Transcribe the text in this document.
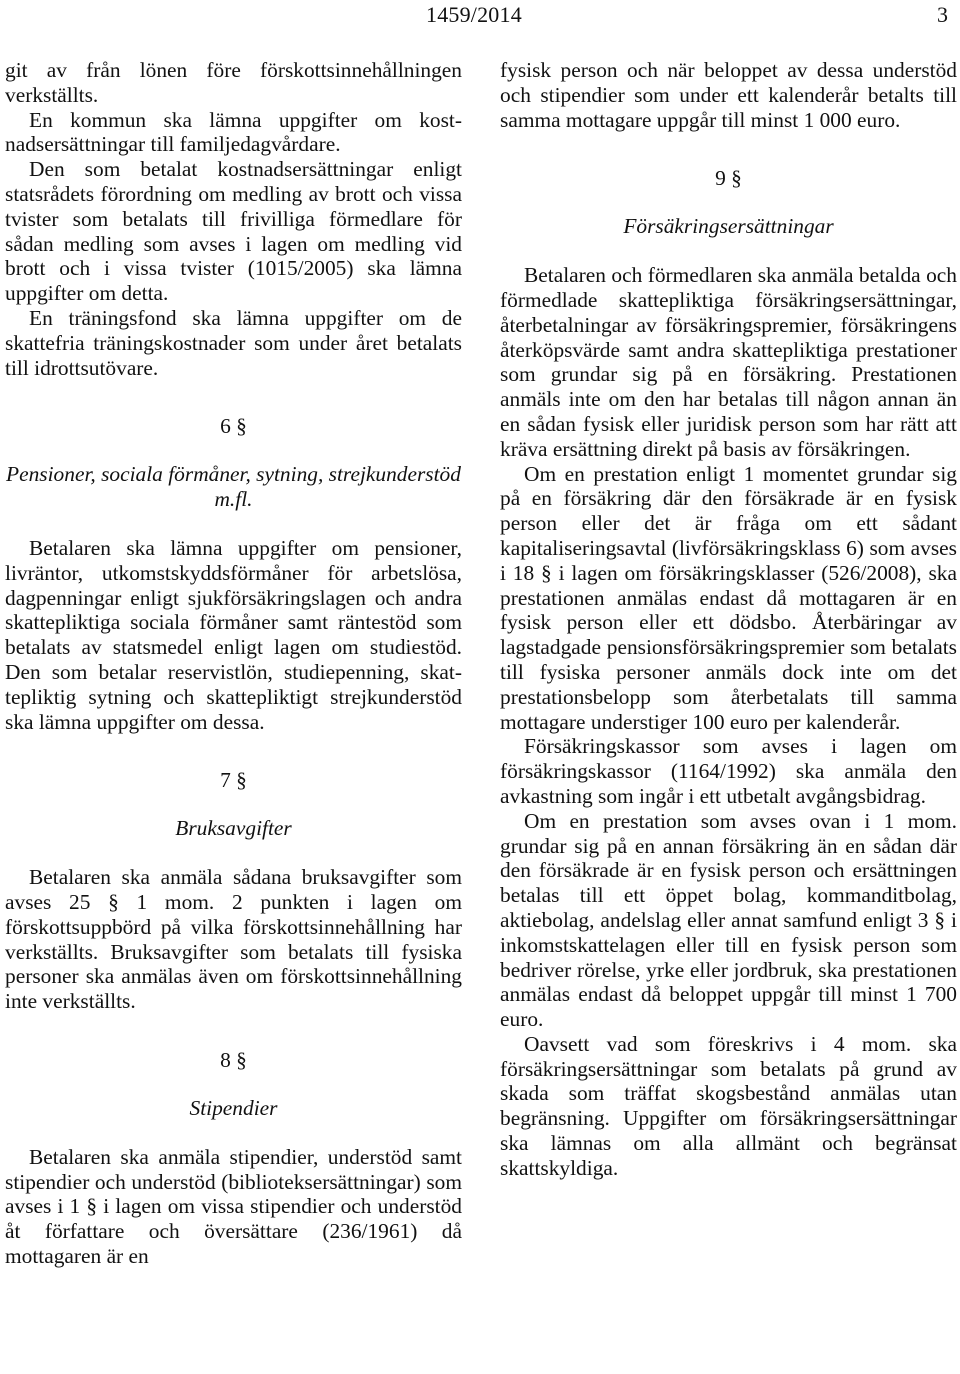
1459/2014	3

git av från lönen före förskottsinnehållningen verkställts.

En kommun ska lämna uppgifter om kostnadsersättningar till familjedagvårdare.

Den som betalat kostnadsersättningar enligt statsrådets förordning om medling av brott och vissa tvister som betalats till frivilliga förmedlare för sådan medling som avses i lagen om medling vid brott och i vissa tvister (1015/2005) ska lämna uppgifter om detta.

En träningsfond ska lämna uppgifter om de skattefria träningskostnader som under året betalats till idrottsutövare.

6 §
Pensioner, sociala förmåner, sytning, strejkunderstöd m.fl.

Betalaren ska lämna uppgifter om pensioner, livräntor, utkomstskyddsförmåner för arbetslösa, dagpenningar enligt sjukförsäkringslagen och andra skattepliktiga sociala förmåner samt räntestöd som betalats av statsmedel enligt lagen om studiestöd. Den som betalar reservistlön, studiepenning, skattepliktig sytning och skattepliktigt strejkunderstöd ska lämna uppgifter om dessa.

7 §
Bruksavgifter

Betalaren ska anmäla sådana bruksavgifter som avses 25 § 1 mom. 2 punkten i lagen om förskottsuppbörd på vilka förskottsinnehållning har verkställts. Bruksavgifter som betalats till fysiska personer ska anmälas även om förskottsinnehållning inte verkställts.

8 §
Stipendier

Betalaren ska anmäla stipendier, understöd samt stipendier och understöd (biblioteksersättningar) som avses i 1 § i lagen om vissa stipendier och understöd åt författare och översättare (236/1961) då mottagaren är en

fysisk person och när beloppet av dessa understöd och stipendier som under ett kalenderår betalts till samma mottagare uppgår till minst 1 000 euro.

9 §
Försäkringsersättningar

Betalaren och förmedlaren ska anmäla betalda och förmedlade skattepliktiga försäkringsersättningar, återbetalningar av försäkringspremier, försäkringens återköpsvärde samt andra skattepliktiga prestationer som grundar sig på en försäkring. Prestationen anmäls inte om den har betalas till någon annan än en sådan fysisk eller juridisk person som har rätt att kräva ersättning direkt på basis av försäkringen.

Om en prestation enligt 1 momentet grundar sig på en försäkring där den försäkrade är en fysisk person eller det är fråga om ett sådant kapitaliseringsavtal (livförsäkringsklass 6) som avses i 18 § i lagen om försäkringsklasser (526/2008), ska prestationen anmälas endast då mottagaren är en fysisk person eller ett dödsbo. Återbäringar av lagstadgade pensionsförsäkringspremier som betalats till fysiska personer anmäls dock inte om det prestationsbelopp som återbetalats till samma mottagare understiger 100 euro per kalenderår.

Försäkringskassor som avses i lagen om försäkringskassor (1164/1992) ska anmäla den avkastning som ingår i ett utbetalt avgångsbidrag.

Om en prestation som avses ovan i 1 mom. grundar sig på en annan försäkring än en sådan där den försäkrade är en fysisk person och ersättningen betalas till ett öppet bolag, kommanditbolag, aktiebolag, andelslag eller annat samfund enligt 3 § i inkomstskattelagen eller till en fysisk person som bedriver rörelse, yrke eller jordbruk, ska prestationen anmälas endast då beloppet uppgår till minst 1 700 euro.

Oavsett vad som föreskrivs i 4 mom. ska försäkringsersättningar som betalats på grund av skada som träffat skogsbestånd anmälas utan begränsning. Uppgifter om försäkringsersättningar ska lämnas om alla allmänt och begränsat skattskyldiga.
